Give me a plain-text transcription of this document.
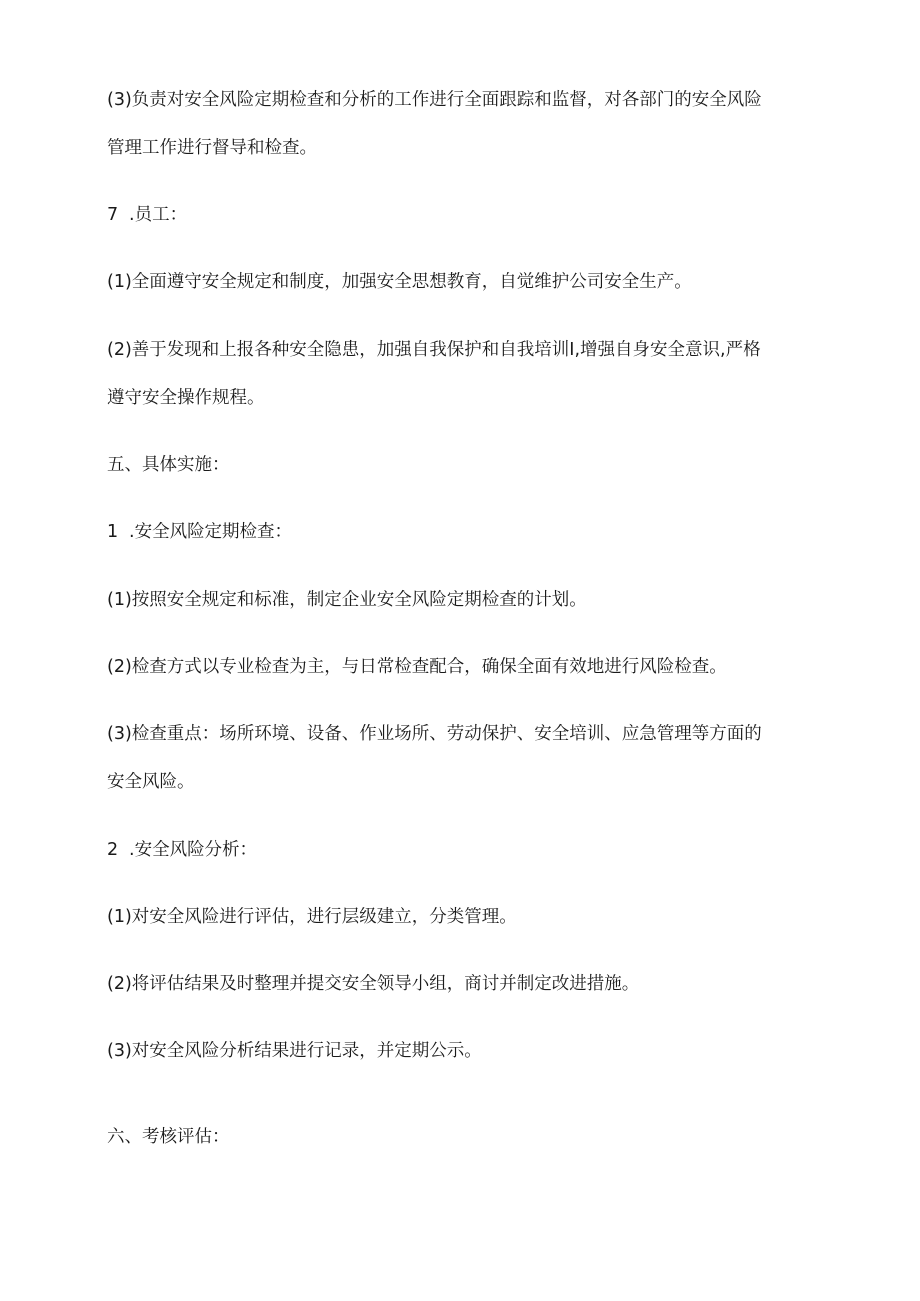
(3)负责对安全风险定期检查和分析的工作进行全面跟踪和监督，对各部门的安全风险
管理工作进行督导和检查。
7 .员工：
(1)全面遵守安全规定和制度，加强安全思想教育，自觉维护公司安全生产。
(2)善于发现和上报各种安全隐患，加强自我保护和自我培训I,增强自身安全意识,严格
遵守安全操作规程。
五、具体实施：
1 .安全风险定期检查：
(1)按照安全规定和标准，制定企业安全风险定期检查的计划。
(2)检查方式以专业检查为主，与日常检查配合，确保全面有效地进行风险检查。
(3)检查重点：场所环境、设备、作业场所、劳动保护、安全培训、应急管理等方面的
安全风险。
2 .安全风险分析：
(1)对安全风险进行评估，进行层级建立，分类管理。
(2)将评估结果及时整理并提交安全领导小组，商讨并制定改进措施。
(3)对安全风险分析结果进行记录，并定期公示。
六、考核评估：
